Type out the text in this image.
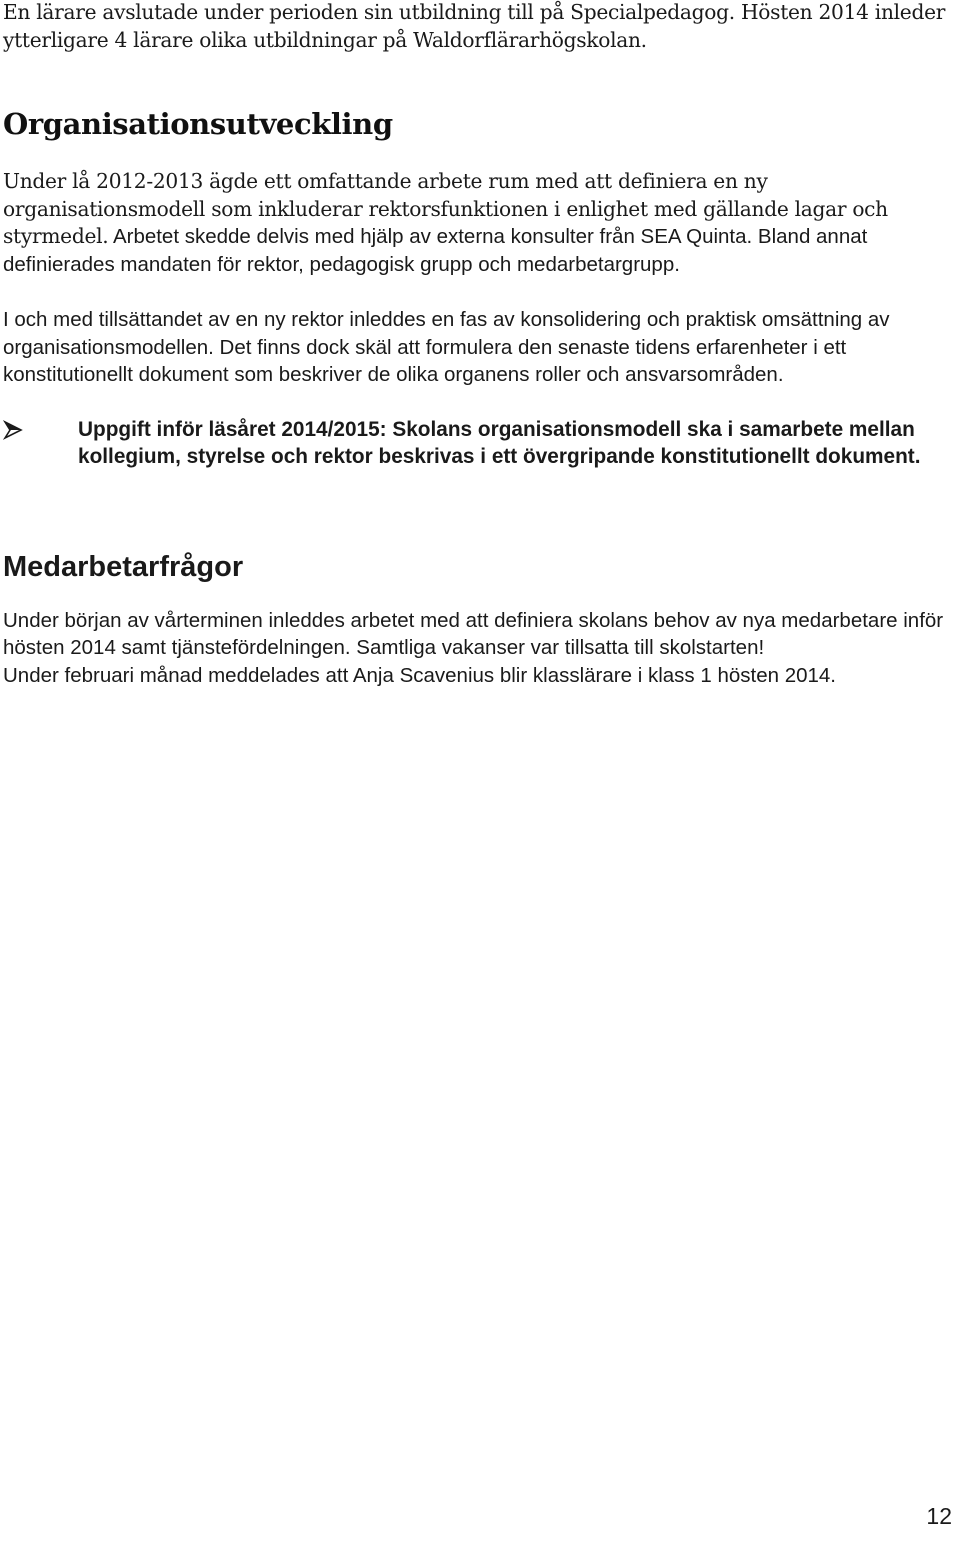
En lärare avslutade under perioden sin utbildning till på Specialpedagog. Hösten 2014 inleder ytterligare 4 lärare olika utbildningar på Waldorflärarhögskolan.

Organisationsutveckling

Under lå 2012-2013 ägde ett omfattande arbete rum med att definiera en ny organisationsmodell som inkluderar rektorsfunktionen i enlighet med gällande lagar och styrmedel. Arbetet skedde delvis med hjälp av externa konsulter från SEA Quinta. Bland annat definierades mandaten för rektor, pedagogisk grupp och medarbetargrupp.

I och med tillsättandet av en ny rektor inleddes en fas av konsolidering och praktisk omsättning av organisationsmodellen. Det finns dock skäl att formulera den senaste tidens erfarenheter i ett konstitutionellt dokument som beskriver de olika organens roller och ansvarsområden.

Uppgift inför läsåret 2014/2015: Skolans organisationsmodell ska i samarbete mellan kollegium, styrelse och rektor beskrivas i ett övergripande konstitutionellt dokument.
Medarbetarfrågor

Under början av vårterminen inleddes arbetet med att definiera skolans behov av nya medarbetare inför hösten 2014 samt tjänstefördelningen. Samtliga vakanser var tillsatta till skolstarten!

Under februari månad meddelades att Anja Scavenius blir klasslärare i klass 1 hösten 2014.

12
